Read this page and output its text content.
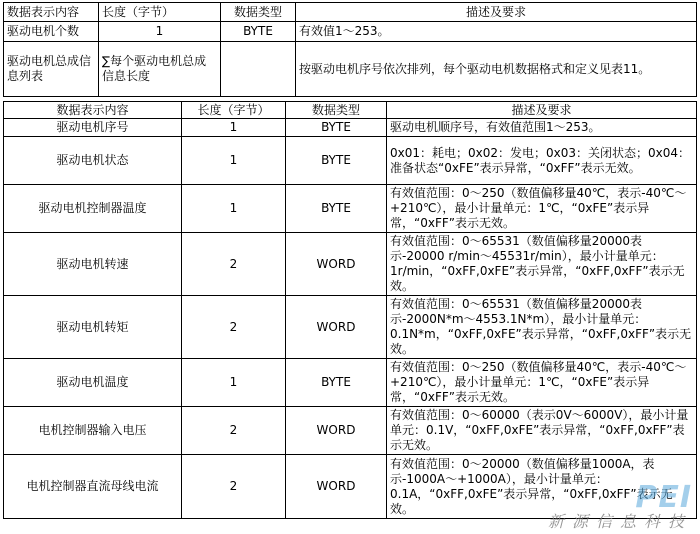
数据表示内容	长度（字节）	数据类型	描述及要求
驱动电机个数	1	BYTE	有效值1～253。
驱动电机总成信息列表	∑每个驱动电机总成信息长度		按驱动电机序号依次排列，每个驱动电机数据格式和定义见表11。
数据表示内容	长度（字节）	数据类型	描述及要求
驱动电机序号	1	BYTE	驱动电机顺序号，有效值范围1～253。
驱动电机状态	1	BYTE	0x01：耗电；0x02：发电；0x03：关闭状态；0x04：准备状态“0xFE”表示异常，“0xFF”表示无效。
驱动电机控制器温度	1	BYTE	有效值范围：0～250（数值偏移量40℃，表示-40℃～+210℃），最小计量单元：1℃，“0xFE”表示异常，“0xFF”表示无效。
驱动电机转速	2	WORD	有效值范围：0～65531（数值偏移量20000表示-20000 r/min～45531r/min），最小计量单元：1r/min，“0xFF,0xFE”表示异常，“0xFF,0xFF”表示无效。
驱动电机转矩	2	WORD	有效值范围：0～65531（数值偏移量20000表示-2000N*m～4553.1N*m），最小计量单元：0.1N*m，“0xFF,0xFE”表示异常，“0xFF,0xFF”表示无效。
驱动电机温度	1	BYTE	有效值范围：0～250（数值偏移量40℃，表示-40℃～+210℃），最小计量单元：1℃，“0xFE”表示异常，“0xFF”表示无效。
电机控制器输入电压	2	WORD	有效值范围：0～60000（表示0V～6000V），最小计量单元：0.1V，“0xFF,0xFE”表示异常，“0xFF,0xFF”表示无效。
电机控制器直流母线电流	2	WORD	有效值范围：0～20000（数值偏移量1000A，表示-1000A～+1000A），最小计量单元：0.1A，“0xFF,0xFE”表示异常，“0xFF,0xFF”表示无效。	PEI
新源信息科技
